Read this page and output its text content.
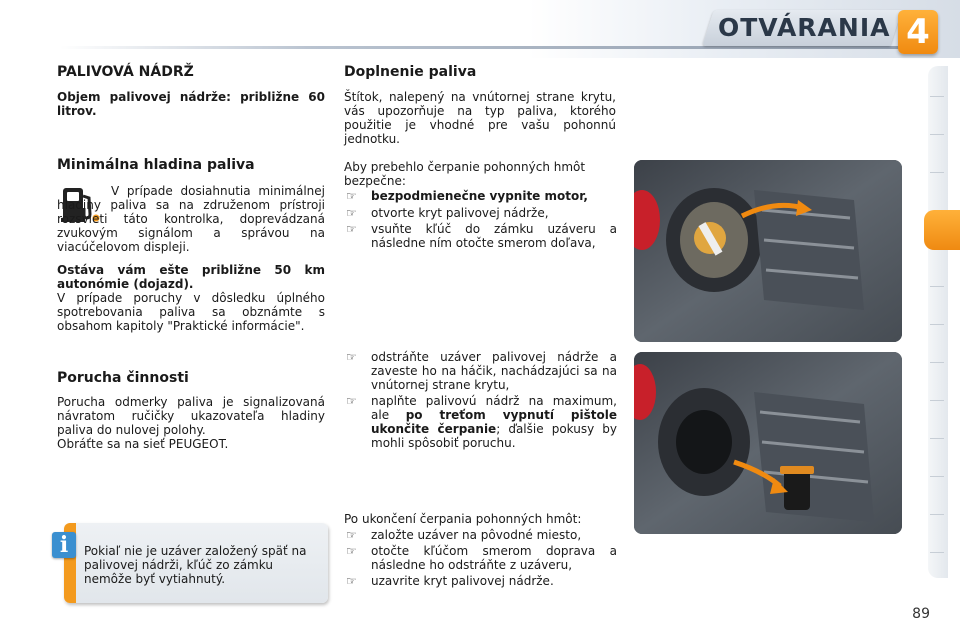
OTVÁRANIA 4
PALIVOVÁ NÁDRŽ

Objem palivovej nádrže: približne 60 litrov.

Minimálna hladina paliva

V prípade dosiahnutia minimálnej hladiny paliva sa na združenom prístroji rozsvieti táto kontrolka, doprevádzaná zvukovým signálom a správou na viacúčelovom displeji.

Ostáva vám ešte približne 50 km autonómie (dojazd).

V prípade poruchy v dôsledku úplného spotrebovania paliva sa obznámte s obsahom kapitoly "Praktické informácie".

Porucha činnosti

Porucha odmerky paliva je signalizovaná návratom ručičky ukazovateľa hladiny paliva do nulovej polohy.

Obráťte sa na sieť PEUGEOT.

i	Pokiaľ nie je uzáver založený späť na palivovej nádrži, kľúč zo zámku nemôže byť vytiahnutý.

Doplnenie paliva

Štítok, nalepený na vnútornej strane krytu, vás upozorňuje na typ paliva, ktorého použitie je vhodné pre vašu pohonnú jednotku.

Aby prebehlo čerpanie pohonných hmôt bezpečne:

☞	bezpodmienečne vypnite motor,
☞	otvorte kryt palivovej nádrže,
☞	vsuňte kľúč do zámku uzáveru a následne ním otočte smerom doľava,
☞	odstráňte uzáver palivovej nádrže a zaveste ho na háčik, nachádzajúci sa na vnútornej strane krytu,
☞	naplňte palivovú nádrž na maximum, ale po treťom vypnutí pištole ukončite čerpanie; ďalšie pokusy by mohli spôsobiť poruchu.

Po ukončení čerpania pohonných hmôt:

☞	založte uzáver na pôvodné miesto,
☞	otočte kľúčom smerom doprava a následne ho odstráňte z uzáveru,
☞	uzavrite kryt palivovej nádrže.
89
